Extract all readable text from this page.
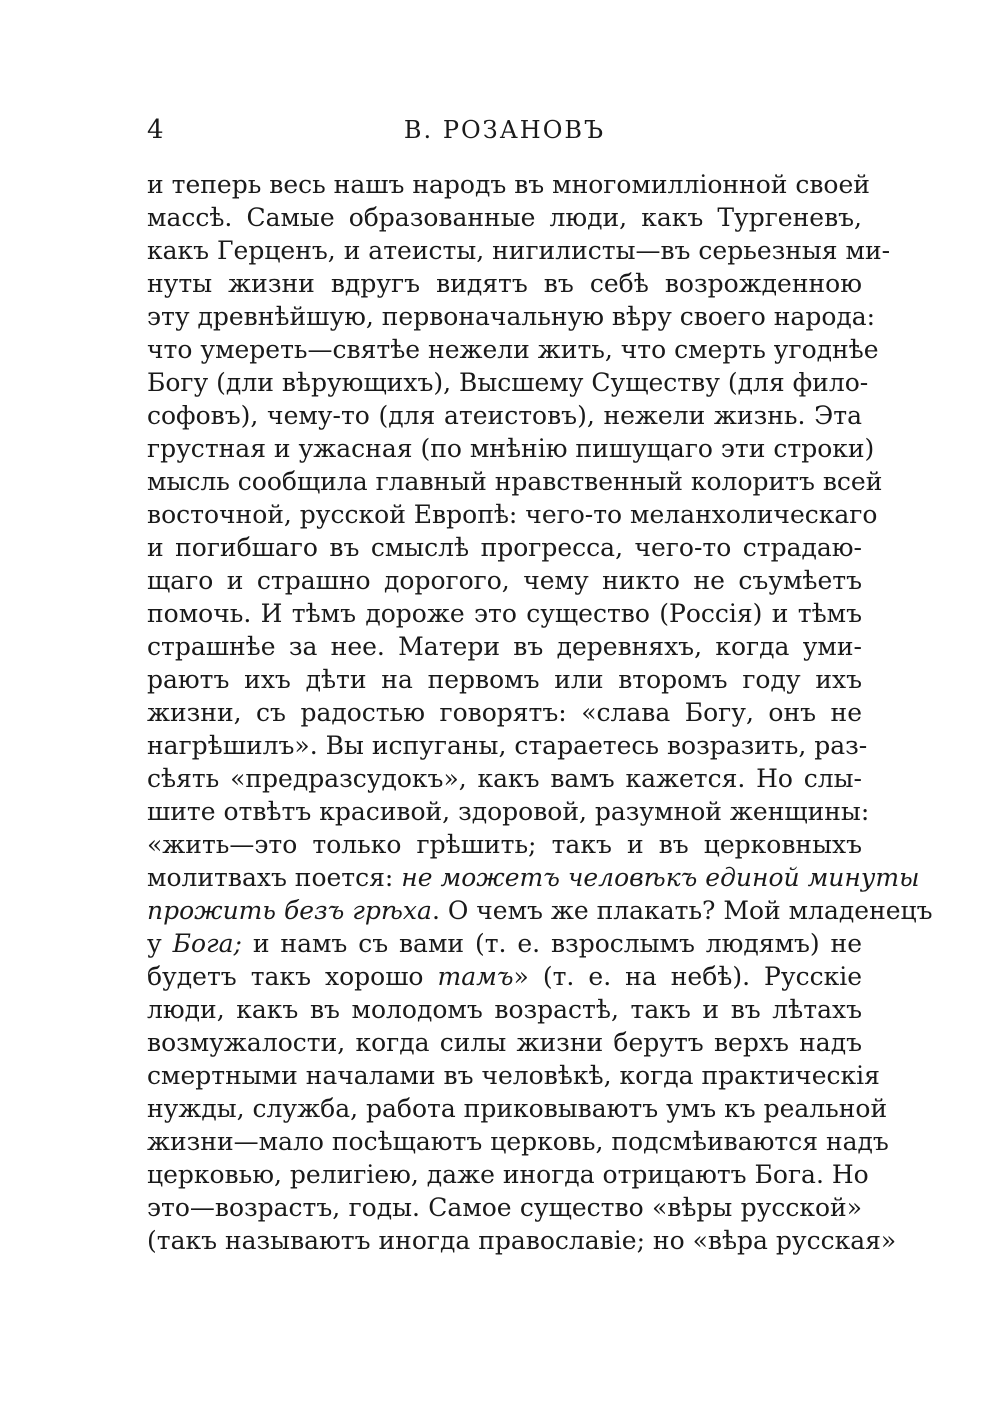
4	В. РОЗАНОВЪ
и теперь весь нашъ народъ въ многомилліонной своей
массѣ. Самые образованные люди, какъ Тургеневъ,
какъ Герценъ, и атеисты, нигилисты—въ серьезныя ми-
нуты жизни вдругъ видятъ въ себѣ возрожденною
эту древнѣйшую, первоначальную вѣру своего народа:
что умереть—святѣе нежели жить, что смерть угоднѣе
Богу (дли вѣрующихъ), Высшему Существу (для фило-
софовъ), чему-то (для атеистовъ), нежели жизнь. Эта
грустная и ужасная (по мнѣнію пишущаго эти строки)
мысль сообщила главный нравственный колоритъ всей
восточной, русской Европѣ: чего-то меланхолическаго
и погибшаго въ смыслѣ прогресса, чего-то страдаю-
щаго и страшно дорогого, чему никто не съумѣетъ
помочь. И тѣмъ дороже это существо (Россія) и тѣмъ
страшнѣе за нее. Матери въ деревняхъ, когда уми-
раютъ ихъ дѣти на первомъ или второмъ году ихъ
жизни, съ радостью говорятъ: «слава Богу, онъ не
нагрѣшилъ». Вы испуганы, стараетесь возразить, раз-
сѣять «предразсудокъ», какъ вамъ кажется. Но слы-
шите отвѣтъ красивой, здоровой, разумной женщины:
«жить—это только грѣшить; такъ и въ церковныхъ
молитвахъ поется: не можетъ человѣкъ единой минуты
прожить безъ грѣха. О чемъ же плакать? Мой младенецъ
у Бога; и намъ съ вами (т. е. взрослымъ людямъ) не
будетъ такъ хорошо тамъ» (т. е. на небѣ). Русскіе
люди, какъ въ молодомъ возрастѣ, такъ и въ лѣтахъ
возмужалости, когда силы жизни берутъ верхъ надъ
смертными началами въ человѣкѣ, когда практическія
нужды, служба, работа приковываютъ умъ къ реальной
жизни—мало посѣщаютъ церковь, подсмѣиваются надъ
церковью, религіею, даже иногда отрицаютъ Бога. Но
это—возрастъ, годы. Самое существо «вѣры русской»
(такъ называютъ иногда православіе; но «вѣра русская»
